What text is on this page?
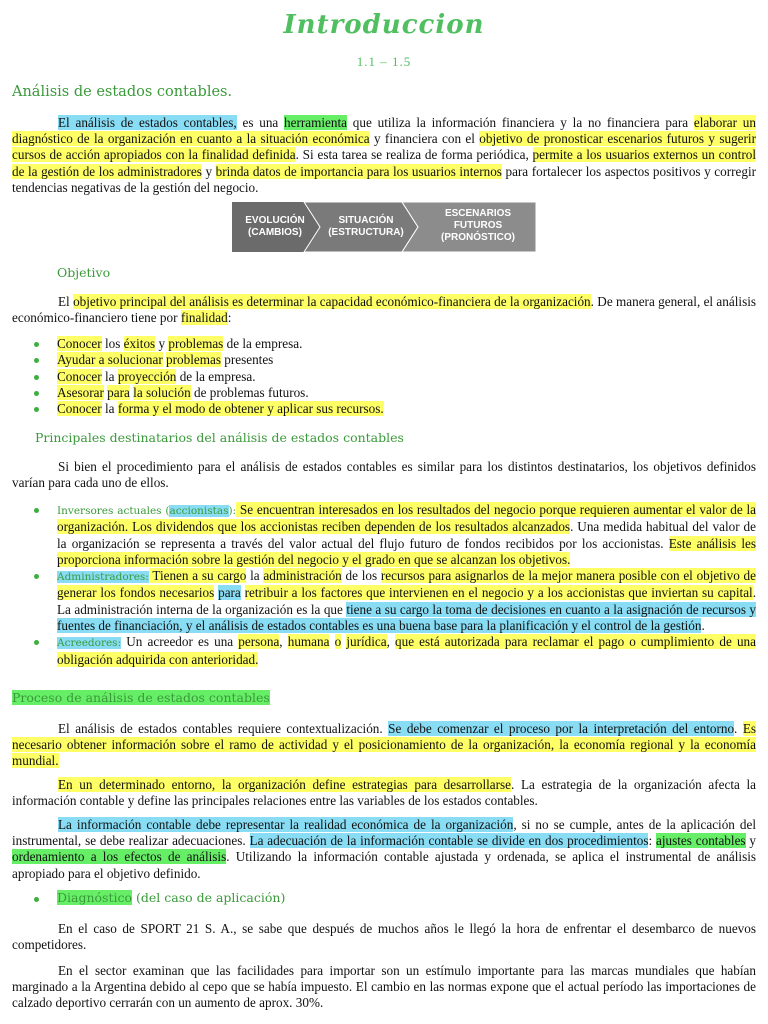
Introduccion
1.1 – 1.5
Análisis de estados contables.

El análisis de estados contables, es una herramienta que utiliza la información financiera y la no financiera para elaborar un diagnóstico de la organización en cuanto a la situación económica y financiera con el objetivo de pronosticar escenarios futuros y sugerir cursos de acción apropiados con la finalidad definida. Si esta tarea se realiza de forma periódica, permite a los usuarios externos un control de la gestión de los administradores y brinda datos de importancia para los usuarios internos para fortalecer los aspectos positivos y corregir tendencias negativas de la gestión del negocio.

EVOLUCIÓN
(CAMBIOS)
SITUACIÓN
(ESTRUCTURA)
ESCENARIOS
FUTUROS
(PRONÓSTICO)
Objetivo

El objetivo principal del análisis es determinar la capacidad económico-financiera de la organización. De manera general, el análisis económico-financiero tiene por finalidad:

Conocer los éxitos y problemas de la empresa.
Ayudar a solucionar problemas presentes
Conocer la proyección de la empresa.
Asesorar para la solución de problemas futuros.
Conocer la forma y el modo de obtener y aplicar sus recursos.
Principales destinatarios del análisis de estados contables

Si bien el procedimiento para el análisis de estados contables es similar para los distintos destinatarios, los objetivos definidos varían para cada uno de ellos.

Inversores actuales (accionistas): Se encuentran interesados en los resultados del negocio porque requieren aumentar el valor de la organización. Los dividendos que los accionistas reciben dependen de los resultados alcanzados. Una medida habitual del valor de la organización se representa a través del valor actual del flujo futuro de fondos recibidos por los accionistas. Este análisis les proporciona información sobre la gestión del negocio y el grado en que se alcanzan los objetivos.
Administradores: Tienen a su cargo la administración de los recursos para asignarlos de la mejor manera posible con el objetivo de generar los fondos necesarios para retribuir a los factores que intervienen en el negocio y a los accionistas que inviertan su capital. La administración interna de la organización es la que tiene a su cargo la toma de decisiones en cuanto a la asignación de recursos y fuentes de financiación, y el análisis de estados contables es una buena base para la planificación y el control de la gestión.
Acreedores: Un acreedor es una persona, humana o jurídica, que está autorizada para reclamar el pago o cumplimiento de una obligación adquirida con anterioridad.
Proceso de análisis de estados contables

El análisis de estados contables requiere contextualización. Se debe comenzar el proceso por la interpretación del entorno. Es necesario obtener información sobre el ramo de actividad y el posicionamiento de la organización, la economía regional y la economía mundial.

En un determinado entorno, la organización define estrategias para desarrollarse. La estrategia de la organización afecta la información contable y define las principales relaciones entre las variables de los estados contables.

La información contable debe representar la realidad económica de la organización, si no se cumple, antes de la aplicación del instrumental, se debe realizar adecuaciones. La adecuación de la información contable se divide en dos procedimientos: ajustes contables y ordenamiento a los efectos de análisis. Utilizando la información contable ajustada y ordenada, se aplica el instrumental de análisis apropiado para el objetivo definido.

Diagnóstico (del caso de aplicación)

En el caso de SPORT 21 S. A., se sabe que después de muchos años le llegó la hora de enfrentar el desembarco de nuevos competidores.

En el sector examinan que las facilidades para importar son un estímulo importante para las marcas mundiales que habían marginado a la Argentina debido al cepo que se había impuesto. El cambio en las normas expone que el actual período las importaciones de calzado deportivo cerrarán con un aumento de aprox. 30%.
